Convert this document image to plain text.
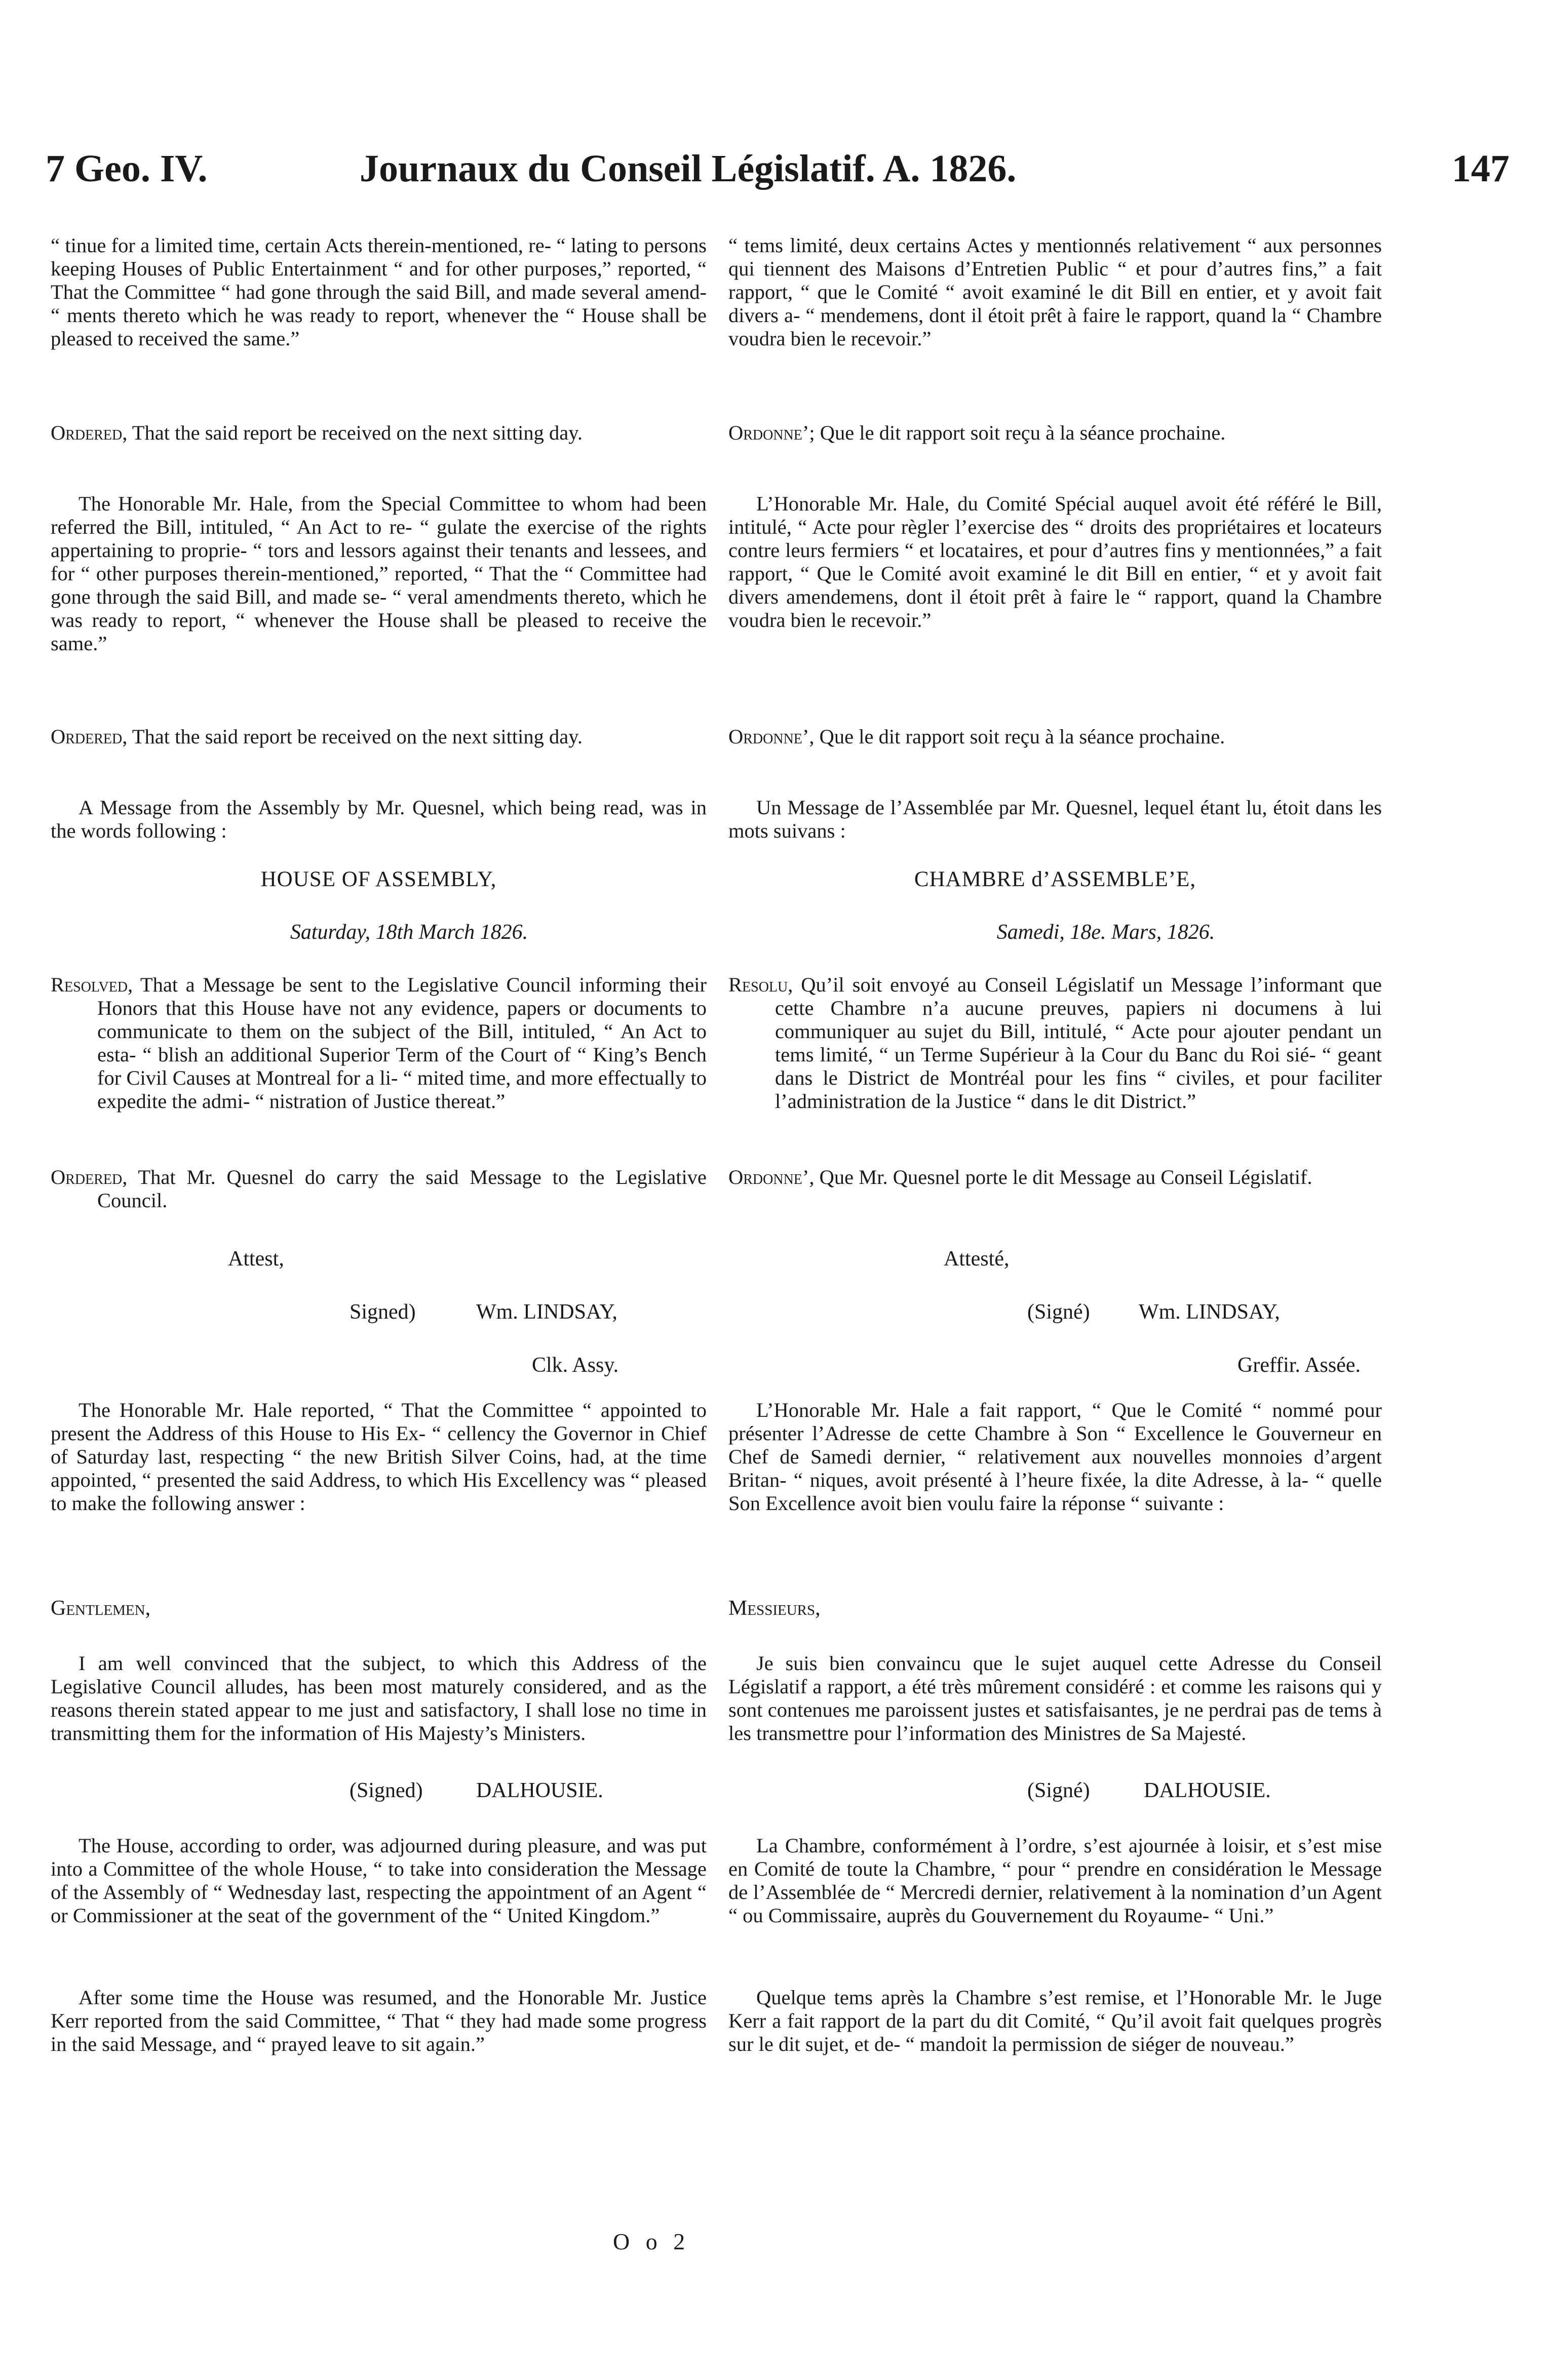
7 Geo. IV.	Journaux du Conseil Législatif. A. 1826.	147

“ tinue for a limited time, certain Acts therein-mentioned, re- “ lating to persons keeping Houses of Public Entertainment “ and for other purposes,” reported, “ That the Committee “ had gone through the said Bill, and made several amend- “ ments thereto which he was ready to report, whenever the “ House shall be pleased to received the same.”

Ordered, That the said report be received on the next sitting day.

The Honorable Mr. Hale, from the Special Committee to whom had been referred the Bill, intituled, “ An Act to re- “ gulate the exercise of the rights appertaining to proprie- “ tors and lessors against their tenants and lessees, and for “ other purposes therein-mentioned,” reported, “ That the “ Committee had gone through the said Bill, and made se- “ veral amendments thereto, which he was ready to report, “ whenever the House shall be pleased to receive the same.”

Ordered, That the said report be received on the next sitting day.

A Message from the Assembly by Mr. Quesnel, which being read, was in the words following :

HOUSE OF ASSEMBLY,
Saturday, 18th March 1826.

Resolved, That a Message be sent to the Legislative Council informing their Honors that this House have not any evidence, papers or documents to communicate to them on the subject of the Bill, intituled, “ An Act to esta- “ blish an additional Superior Term of the Court of “ King’s Bench for Civil Causes at Montreal for a li- “ mited time, and more effectually to expedite the admi- “ nistration of Justice thereat.”

Ordered, That Mr. Quesnel do carry the said Message to the Legislative Council.

Attest,
Signed)	Wm. LINDSAY,
Clk. Assy.

The Honorable Mr. Hale reported, “ That the Committee “ appointed to present the Address of this House to His Ex- “ cellency the Governor in Chief of Saturday last, respecting “ the new British Silver Coins, had, at the time appointed, “ presented the said Address, to which His Excellency was “ pleased to make the following answer :

Gentlemen,

I am well convinced that the subject, to which this Address of the Legislative Council alludes, has been most maturely considered, and as the reasons therein stated appear to me just and satisfactory, I shall lose no time in transmitting them for the information of His Majesty’s Ministers.

(Signed)	DALHOUSIE.

The House, according to order, was adjourned during pleasure, and was put into a Committee of the whole House, “ to take into consideration the Message of the Assembly of “ Wednesday last, respecting the appointment of an Agent “ or Commissioner at the seat of the government of the “ United Kingdom.”

After some time the House was resumed, and the Honorable Mr. Justice Kerr reported from the said Committee, “ That “ they had made some progress in the said Message, and “ prayed leave to sit again.”

“ tems limité, deux certains Actes y mentionnés relativement “ aux personnes qui tiennent des Maisons d’Entretien Public “ et pour d’autres fins,” a fait rapport, “ que le Comité “ avoit examiné le dit Bill en entier, et y avoit fait divers a- “ mendemens, dont il étoit prêt à faire le rapport, quand la “ Chambre voudra bien le recevoir.”

Ordonne’; Que le dit rapport soit reçu à la séance prochaine.

L’Honorable Mr. Hale, du Comité Spécial auquel avoit été référé le Bill, intitulé, “ Acte pour règler l’exercise des “ droits des propriétaires et locateurs contre leurs fermiers “ et locataires, et pour d’autres fins y mentionnées,” a fait rapport, “ Que le Comité avoit examiné le dit Bill en entier, “ et y avoit fait divers amendemens, dont il étoit prêt à faire le “ rapport, quand la Chambre voudra bien le recevoir.”

Ordonne’, Que le dit rapport soit reçu à la séance prochaine.

Un Message de l’Assemblée par Mr. Quesnel, lequel étant lu, étoit dans les mots suivans :

CHAMBRE d’ASSEMBLE’E,
Samedi, 18e. Mars, 1826.

Resolu, Qu’il soit envoyé au Conseil Législatif un Message l’informant que cette Chambre n’a aucune preuves, papiers ni documens à lui communiquer au sujet du Bill, intitulé, “ Acte pour ajouter pendant un tems limité, “ un Terme Supérieur à la Cour du Banc du Roi sié- “ geant dans le District de Montréal pour les fins “ civiles, et pour faciliter l’administration de la Justice “ dans le dit District.”

Ordonne’, Que Mr. Quesnel porte le dit Message au Conseil Législatif.

Attesté,
(Signé) Wm. LINDSAY,
Greffir. Assée.

L’Honorable Mr. Hale a fait rapport, “ Que le Comité “ nommé pour présenter l’Adresse de cette Chambre à Son “ Excellence le Gouverneur en Chef de Samedi dernier, “ relativement aux nouvelles monnoies d’argent Britan- “ niques, avoit présenté à l’heure fixée, la dite Adresse, à la- “ quelle Son Excellence avoit bien voulu faire la réponse “ suivante :

Messieurs,

Je suis bien convaincu que le sujet auquel cette Adresse du Conseil Législatif a rapport, a été très mûrement considéré : et comme les raisons qui y sont contenues me paroissent justes et satisfaisantes, je ne perdrai pas de tems à les transmettre pour l’information des Ministres de Sa Majesté.

(Signé)	DALHOUSIE.

La Chambre, conformément à l’ordre, s’est ajournée à loisir, et s’est mise en Comité de toute la Chambre, “ pour “ prendre en considération le Message de l’Assemblée de “ Mercredi dernier, relativement à la nomination d’un Agent “ ou Commissaire, auprès du Gouvernement du Royaume- “ Uni.”

Quelque tems après la Chambre s’est remise, et l’Honorable Mr. le Juge Kerr a fait rapport de la part du dit Comité, “ Qu’il avoit fait quelques progrès sur le dit sujet, et de- “ mandoit la permission de siéger de nouveau.”

O o 2
